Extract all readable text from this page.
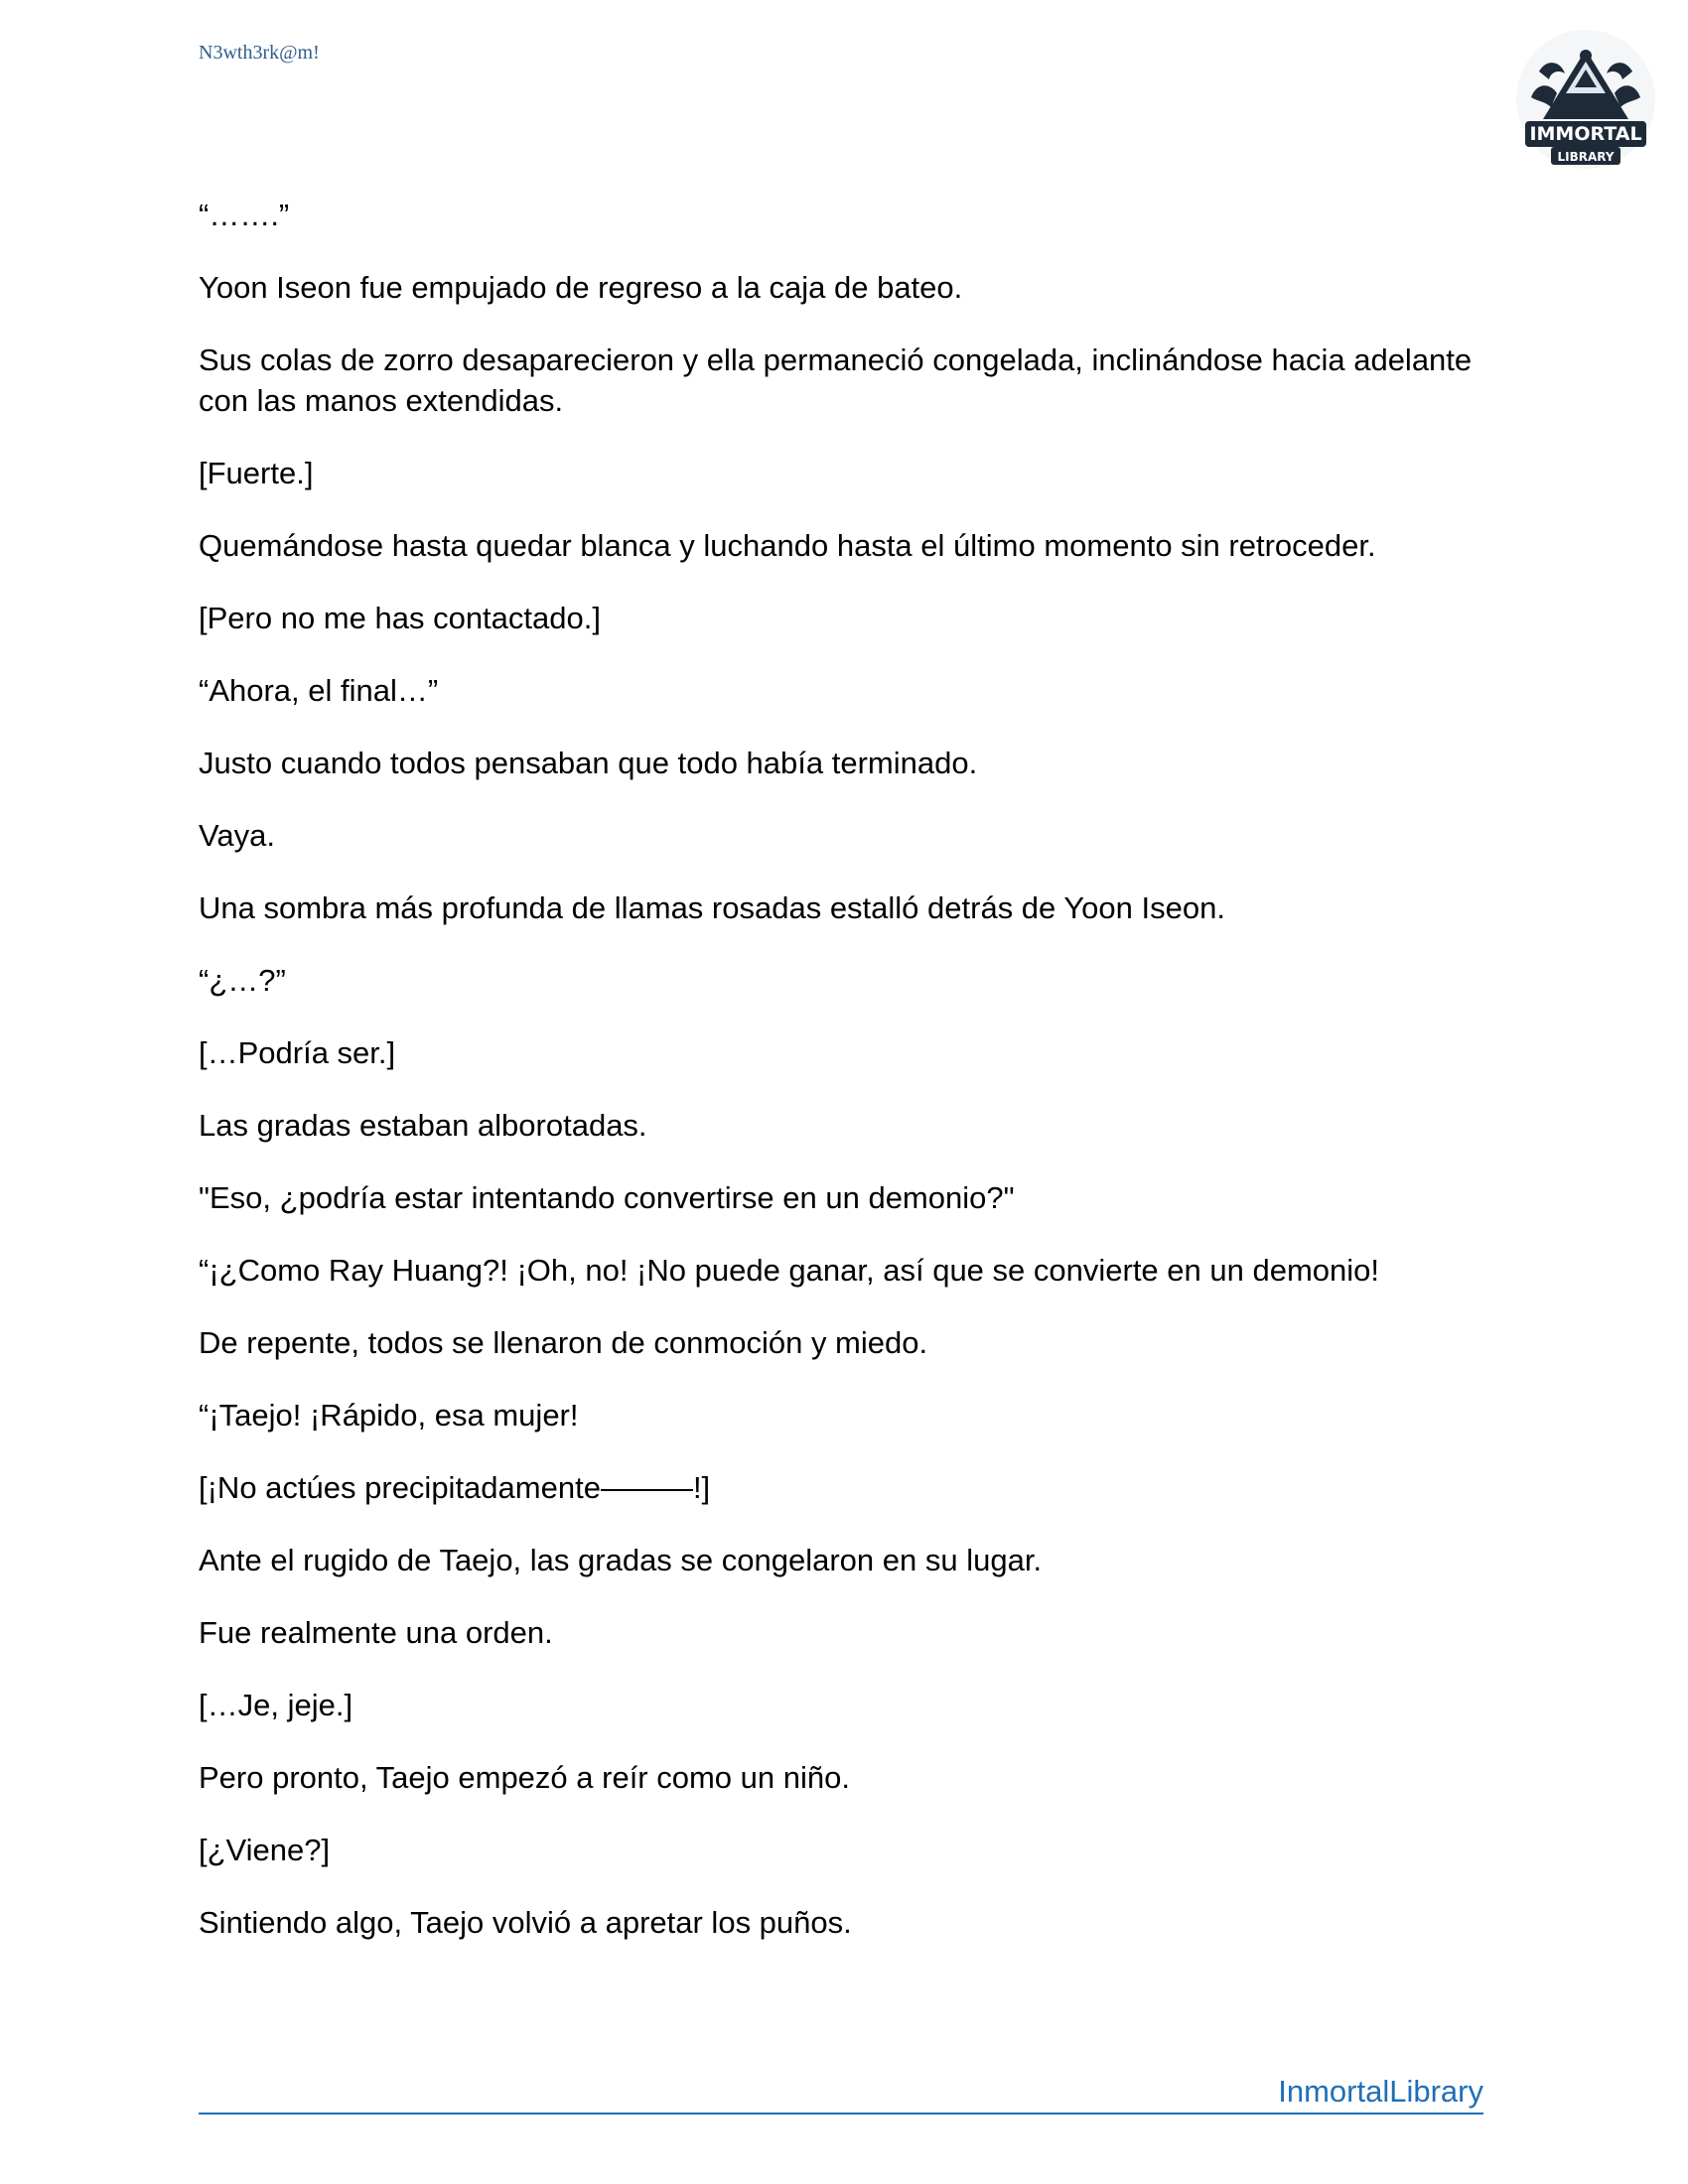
N3wth3rk@m!
IMMORTAL
LIBRARY

“…….”

Yoon Iseon fue empujado de regreso a la caja de bateo.

Sus colas de zorro desaparecieron y ella permaneció congelada, inclinándose hacia adelante con las manos extendidas.

[Fuerte.]

Quemándose hasta quedar blanca y luchando hasta el último momento sin retroceder.

[Pero no me has contactado.]

“Ahora, el final…”

Justo cuando todos pensaban que todo había terminado.

Vaya.

Una sombra más profunda de llamas rosadas estalló detrás de Yoon Iseon.

“¿…?”

[…Podría ser.]

Las gradas estaban alborotadas.

"Eso, ¿podría estar intentando convertirse en un demonio?"

“¡¿Como Ray Huang?! ¡Oh, no! ¡No puede ganar, así que se convierte en un demonio!

De repente, todos se llenaron de conmoción y miedo.

“¡Taejo! ¡Rápido, esa mujer!

[¡No actúes precipitadamente———!]

Ante el rugido de Taejo, las gradas se congelaron en su lugar.

Fue realmente una orden.

[…Je, jeje.]

Pero pronto, Taejo empezó a reír como un niño.

[¿Viene?]

Sintiendo algo, Taejo volvió a apretar los puños.

InmortalLibrary
